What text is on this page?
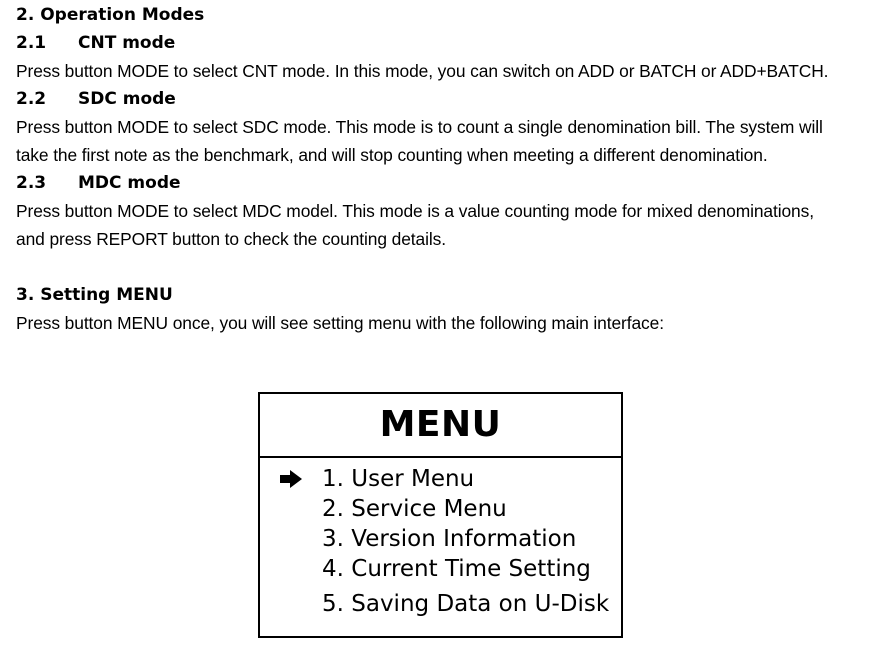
2. Operation Modes
2.1 CNT mode
Press button MODE to select CNT mode. In this mode, you can switch on ADD or BATCH or ADD+BATCH.
2.2 SDC mode
Press button MODE to select SDC mode. This mode is to count a single denomination bill. The system will
take the first note as the benchmark, and will stop counting when meeting a different denomination.
2.3 MDC mode
Press button MODE to select MDC model. This mode is a value counting mode for mixed denominations,
and press REPORT button to check the counting details.
3. Setting MENU
Press button MENU once, you will see setting menu with the following main interface:
MENU
1. User Menu
2. Service Menu
3. Version Information
4. Current Time Setting
5. Saving Data on U-Disk
